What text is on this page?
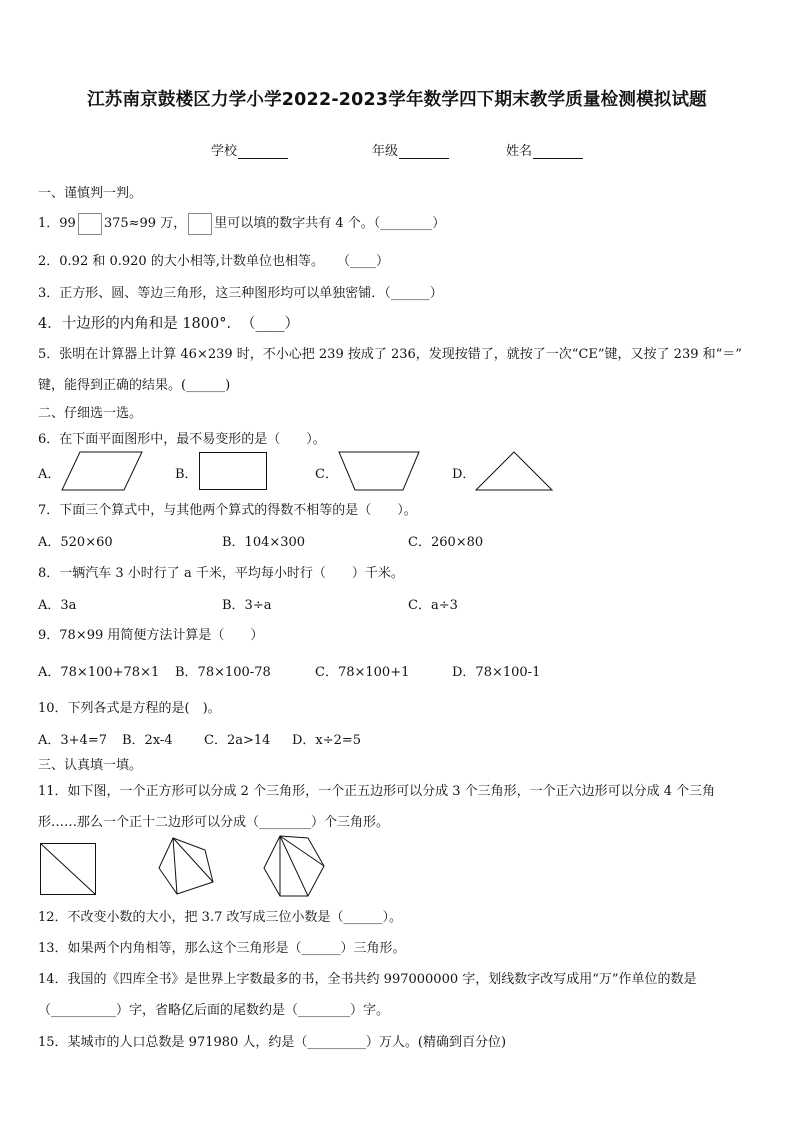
江苏南京鼓楼区力学小学2022-2023学年数学四下期末教学质量检测模拟试题
学校	年级	姓名
一、谨慎判一判。
1．99 375≈99 万， 里可以填的数字共有 4 个。（________）
2．0.92 和 0.920 的大小相等,计数单位也相等。　　（____）
3．正方形、圆、等边三角形，这三种图形均可以单独密铺．（______）
4．十边形的内角和是 1800°．　（____）
5．张明在计算器上计算 46×239 时，不小心把 239 按成了 236，发现按错了，就按了一次“CE”键，又按了 239 和“＝”
键，能得到正确的结果。(______)
二、仔细选一选。
6．在下面平面图形中，最不易变形的是（　　）。
A．	B．	C．	D．
7．下面三个算式中，与其他两个算式的得数不相等的是（　　）。
A．520×60	B．104×300	C．260×80
8．一辆汽车 3 小时行了 a 千米，平均每小时行（　　）千米。
A．3a	B．3÷a	C．a÷3
9．78×99 用简便方法计算是（　　）
A．78×100+78×1 B．78×100-78	C．78×100+1	D．78×100-1
10．下列各式是方程的是(　)。
A．3+4=7 B．2x-4 C．2a>14 D．x÷2=5
三、认真填一填。
11．如下图，一个正方形可以分成 2 个三角形，一个正五边形可以分成 3 个三角形，一个正六边形可以分成 4 个三角
形……那么一个正十二边形可以分成（________）个三角形。
12．不改变小数的大小，把 3.7 改写成三位小数是（______）。
13．如果两个内角相等，那么这个三角形是（______）三角形。
14．我国的《四库全书》是世界上字数最多的书，全书共约 997000000 字，划线数字改写成用“万”作单位的数是
（__________）字，省略亿后面的尾数约是（________）字。
15．某城市的人口总数是 971980 人，约是（_________）万人。(精确到百分位)
